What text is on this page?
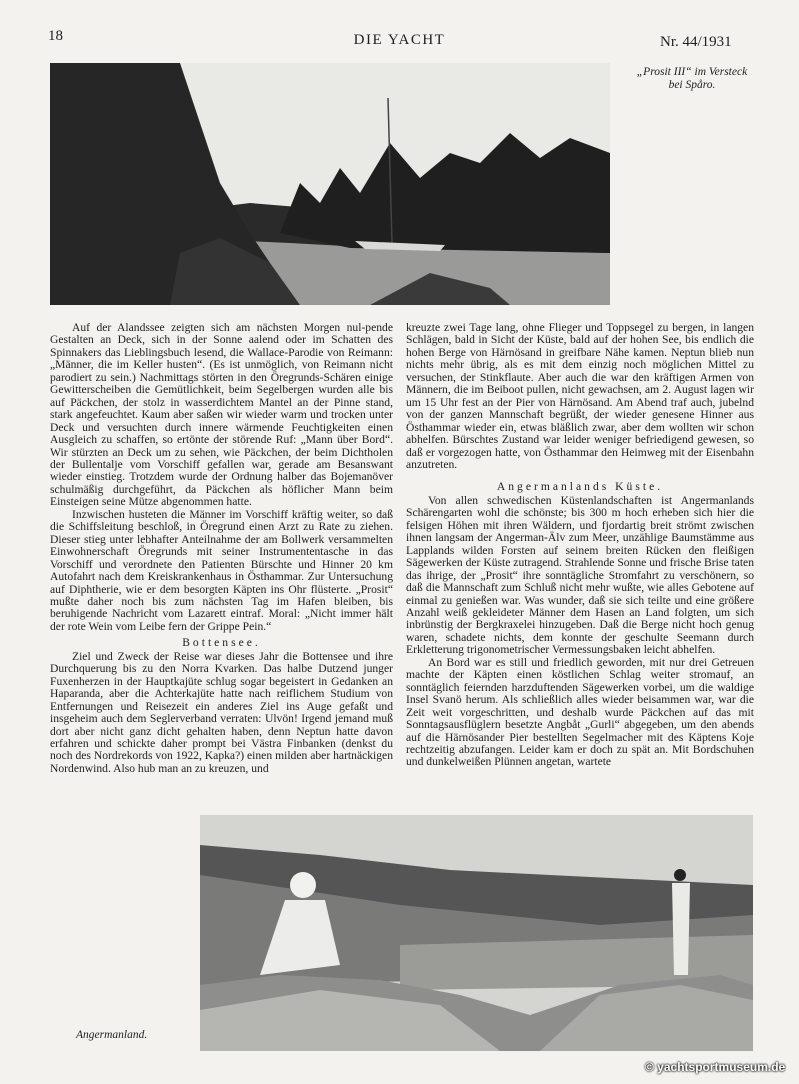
18	DIE YACHT	Nr. 44/1931
„Prosit III“ im Versteck
bei Spåro.

Auf der Alandssee zeigten sich am nächsten Morgen nul-pende Gestalten an Deck, sich in der Sonne aalend oder im Schatten des Spinnakers das Lieblingsbuch lesend, die Wallace-Parodie von Reimann: „Männer, die im Keller husten“. (Es ist unmöglich, von Reimann nicht parodiert zu sein.) Nachmittags störten in den Öregrunds-Schären einige Gewitterscheiben die Gemütlichkeit, beim Segelbergen wurden alle bis auf Päckchen, der stolz in wasserdichtem Mantel an der Pinne stand, stark angefeuchtet. Kaum aber saßen wir wieder warm und trocken unter Deck und versuchten durch innere wärmende Feuchtigkeiten einen Ausgleich zu schaffen, so ertönte der störende Ruf: „Mann über Bord“. Wir stürzten an Deck um zu sehen, wie Päckchen, der beim Dichtholen der Bullentalje vom Vorschiff gefallen war, gerade am Besanswant wieder einstieg. Trotzdem wurde der Ordnung halber das Bojemanöver schulmäßig durchgeführt, da Päckchen als höflicher Mann beim Einsteigen seine Mütze abgenommen hatte.

Inzwischen husteten die Männer im Vorschiff kräftig weiter, so daß die Schiffsleitung beschloß, in Öregrund einen Arzt zu Rate zu ziehen. Dieser stieg unter lebhafter Anteilnahme der am Bollwerk versammelten Einwohnerschaft Öregrunds mit seiner Instrumententasche in das Vorschiff und verordnete den Patienten Bürschte und Hinner 20 km Autofahrt nach dem Kreiskrankenhaus in Östhammar. Zur Untersuchung auf Diphtherie, wie er dem besorgten Käpten ins Ohr flüsterte. „Prosit“ mußte daher noch bis zum nächsten Tag im Hafen bleiben, bis beruhigende Nachricht vom Lazarett eintraf. Moral: „Nicht immer hält der rote Wein vom Leibe fern der Grippe Pein.“

Bottensee.

Ziel und Zweck der Reise war dieses Jahr die Bottensee und ihre Durchquerung bis zu den Norra Kvarken. Das halbe Dutzend junger Fuxenherzen in der Hauptkajüte schlug sogar begeistert in Gedanken an Haparanda, aber die Achterkajüte hatte nach reiflichem Studium von Entfernungen und Reisezeit ein anderes Ziel ins Auge gefaßt und insgeheim auch dem Seglerverband verraten: Ulvön! Irgend jemand muß dort aber nicht ganz dicht gehalten haben, denn Neptun hatte davon erfahren und schickte daher prompt bei Västra Finbanken (denkst du noch des Nordrekords von 1922, Kapka?) einen milden aber hartnäckigen Nordenwind. Also hub man an zu kreuzen, und

kreuzte zwei Tage lang, ohne Flieger und Toppsegel zu bergen, in langen Schlägen, bald in Sicht der Küste, bald auf der hohen See, bis endlich die hohen Berge von Härnösand in greifbare Nähe kamen. Neptun blieb nun nichts mehr übrig, als es mit dem einzig noch möglichen Mittel zu versuchen, der Stinkflaute. Aber auch die war den kräftigen Armen von Männern, die im Beiboot pullen, nicht gewachsen, am 2. August lagen wir um 15 Uhr fest an der Pier von Härnösand. Am Abend traf auch, jubelnd von der ganzen Mannschaft begrüßt, der wieder genesene Hinner aus Östhammar wieder ein, etwas bläßlich zwar, aber dem wollten wir schon abhelfen. Bürschtes Zustand war leider weniger befriedigend gewesen, so daß er vorgezogen hatte, von Östhammar den Heimweg mit der Eisenbahn anzutreten.

Angermanlands Küste.

Von allen schwedischen Küstenlandschaften ist Angermanlands Schärengarten wohl die schönste; bis 300 m hoch erheben sich hier die felsigen Höhen mit ihren Wäldern, und fjordartig breit strömt zwischen ihnen langsam der Angerman-Älv zum Meer, unzählige Baumstämme aus Lapplands wilden Forsten auf seinem breiten Rücken den fleißigen Sägewerken der Küste zutragend. Strahlende Sonne und frische Brise taten das ihrige, der „Prosit“ ihre sonntägliche Stromfahrt zu verschönern, so daß die Mannschaft zum Schluß nicht mehr wußte, wie alles Gebotene auf einmal zu genießen war. Was wunder, daß sie sich teilte und eine größere Anzahl weiß gekleideter Männer dem Hasen an Land folgten, um sich inbrünstig der Bergkraxelei hinzugeben. Daß die Berge nicht hoch genug waren, schadete nichts, dem konnte der geschulte Seemann durch Erkletterung trigonometrischer Vermessungsbaken leicht abhelfen.

An Bord war es still und friedlich geworden, mit nur drei Getreuen machte der Käpten einen köstlichen Schlag weiter stromauf, an sonntäglich feiernden harzduftenden Sägewerken vorbei, um die waldige Insel Svanö herum. Als schließlich alles wieder beisammen war, war die Zeit weit vorgeschritten, und deshalb wurde Päckchen auf das mit Sonntagsausflüglern besetzte Angbåt „Gurli“ abgegeben, um den abends auf die Härnösander Pier bestellten Segelmacher mit des Käptens Koje rechtzeitig abzufangen. Leider kam er doch zu spät an. Mit Bordschuhen und dunkelweißen Plünnen angetan, wartete

Angermanland.
© yachtsportmuseum.de
